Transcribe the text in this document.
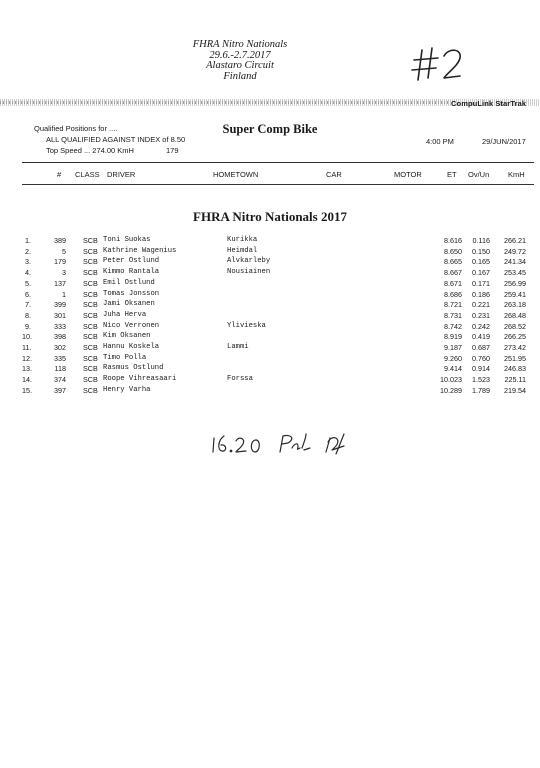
FHRA Nitro Nationals
29.6.-2.7.2017
Alastaro Circuit
Finland
CompuLink StarTrak
Qualified Positions for ....
ALL QUALIFIED AGAINST INDEX of 8.50
Top Speed ... 274.00 KmH	179
Super Comp Bike
4:00 PM	29/JUN/2017
# CLASS DRIVER	HOMETOWN	CAR	MOTOR	ET Ov/Un KmH
FHRA Nitro Nationals 2017
1.	389 SCB Toni Suokas	Kurikka	8.616	0.116	266.21
2.	5 SCB Kathrine Wagenius	Heimdal	8.650	0.150	249.72
3.	179 SCB Peter Ostlund	Alvkarleby	8.665	0.165	241.34
4.	3 SCB Kimmo Rantala	Nousiainen	8.667	0.167	253.45
5.	137 SCB Emil Ostlund	8.671	0.171	256.99
6.	1 SCB Tomas Jonsson	8.686	0.186	259.41
7.	399 SCB Jami Oksanen	8.721	0.221	263.18
8.	301 SCB Juha Herva	8.731	0.231	268.48
9.	333 SCB Nico Verronen	Ylivieska	8.742	0.242	268.52
10.	398 SCB Kim Oksanen	8.919	0.419	266.25
11.	302 SCB Hannu Koskela	Lammi	9.187	0.687	273.42
12.	335 SCB Timo Polla	9.260	0.760	251.95
13.	118 SCB Rasmus Ostlund	9.414	0.914	246.83
14.	374 SCB Roope Vihreasaari	Forssa	10.023	1.523	225.11
15.	397 SCB Henry Varha	10.289	1.789	219.54
